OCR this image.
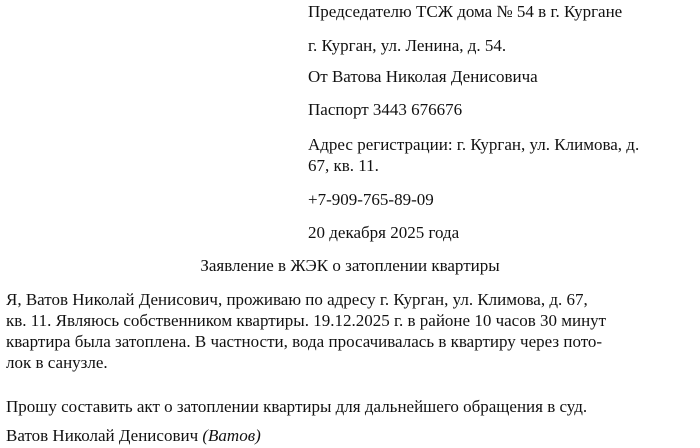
Председателю ТСЖ дома № 54 в г. Кургане
г. Курган, ул. Ленина, д. 54.
От Ватова Николая Денисовича
Паспорт 3443 676676
Адрес регистрации: г. Курган, ул. Климова, д.
67, кв. 11.
+7-909-765-89-09
20 декабря 2025 года
Заявление в ЖЭК о затоплении квартиры
Я, Ватов Николай Денисович, проживаю по адресу г. Курган, ул. Климова, д. 67,
кв. 11. Являюсь собственником квартиры. 19.12.2025 г. в районе 10 часов 30 минут
квартира была затоплена. В частности, вода просачивалась в квартиру через пото-
лок в санузле.
Прошу составить акт о затоплении квартиры для дальнейшего обращения в суд.
Ватов Николай Денисович (Ватов)
